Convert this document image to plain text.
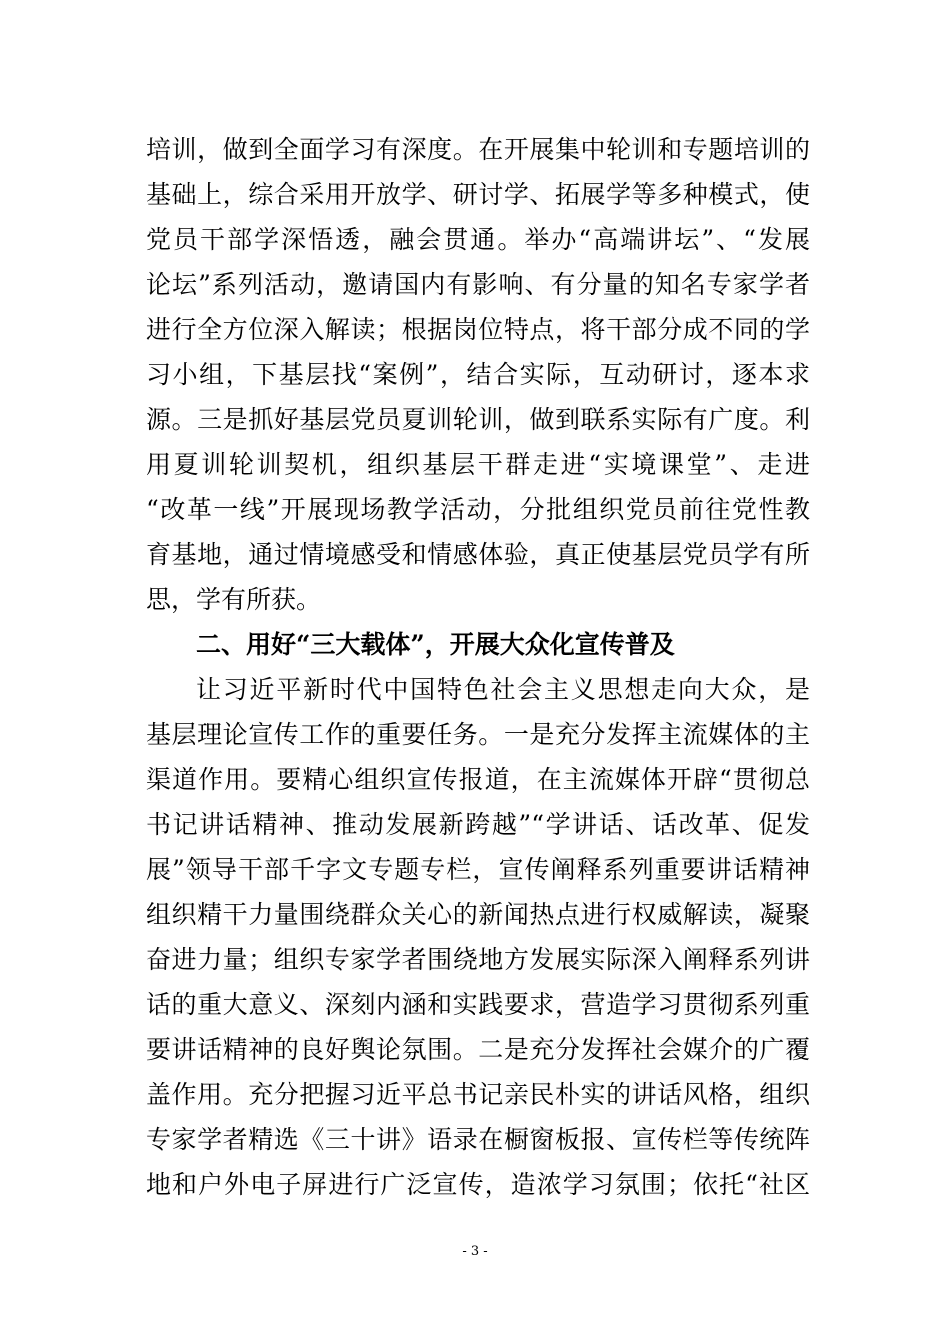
培训，做到全面学习有深度。在开展集中轮训和专题培训的
基础上，综合采用开放学、研讨学、拓展学等多种模式，使
党员干部学深悟透，融会贯通。举办“高端讲坛”、“发展
论坛”系列活动，邀请国内有影响、有分量的知名专家学者
进行全方位深入解读；根据岗位特点，将干部分成不同的学
习小组，下基层找“案例”，结合实际，互动研讨，逐本求
源。三是抓好基层党员夏训轮训，做到联系实际有广度。利
用夏训轮训契机，组织基层干群走进“实境课堂”、走进
“改革一线”开展现场教学活动，分批组织党员前往党性教
育基地，通过情境感受和情感体验，真正使基层党员学有所
思，学有所获。
二、用好“三大载体”，开展大众化宣传普及
让习近平新时代中国特色社会主义思想走向大众，是
基层理论宣传工作的重要任务。一是充分发挥主流媒体的主
渠道作用。要精心组织宣传报道，在主流媒体开辟“贯彻总
书记讲话精神、推动发展新跨越”“学讲话、话改革、促发
展”领导干部千字文专题专栏，宣传阐释系列重要讲话精神
组织精干力量围绕群众关心的新闻热点进行权威解读，凝聚
奋进力量；组织专家学者围绕地方发展实际深入阐释系列讲
话的重大意义、深刻内涵和实践要求，营造学习贯彻系列重
要讲话精神的良好舆论氛围。二是充分发挥社会媒介的广覆
盖作用。充分把握习近平总书记亲民朴实的讲话风格，组织
专家学者精选《三十讲》语录在橱窗板报、宣传栏等传统阵
地和户外电子屏进行广泛宣传，造浓学习氛围；依托“社区
- 3 -
